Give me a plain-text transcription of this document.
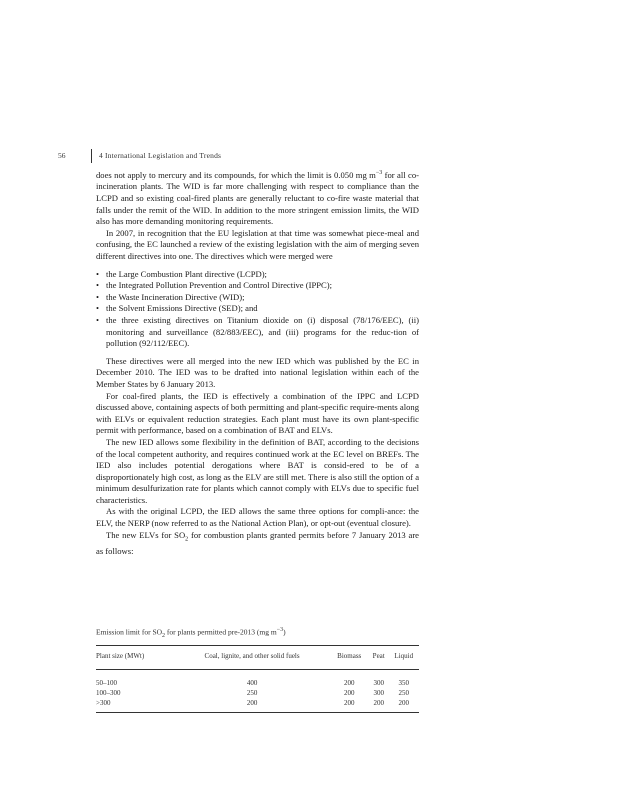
56	4 International Legislation and Trends

does not apply to mercury and its compounds, for which the limit is 0.050 mg $m^{-3}$ for all co-incineration plants. The WID is far more challenging with respect to compliance than the LCPD and so existing coal-fired plants are generally reluctant to co-fire waste material that falls under the remit of the WID. In addition to the more stringent emission limits, the WID also has more demanding monitoring requirements.

In 2007, in recognition that the EU legislation at that time was somewhat piece-meal and confusing, the EC launched a review of the existing legislation with the aim of merging seven different directives into one. The directives which were merged were

• the Large Combustion Plant directive (LCPD);
• the Integrated Pollution Prevention and Control Directive (IPPC);
• the Waste Incineration Directive (WID);
• the Solvent Emissions Directive (SED); and
• the three existing directives on Titanium dioxide on (i) disposal (78/176/EEC), (ii) monitoring and surveillance (82/883/EEC), and (iii) programs for the reduc-tion of pollution (92/112/EEC).

These directives were all merged into the new IED which was published by the EC in December 2010. The IED was to be drafted into national legislation within each of the Member States by 6 January 2013.

For coal-fired plants, the IED is effectively a combination of the IPPC and LCPD discussed above, containing aspects of both permitting and plant-specific require-ments along with ELVs or equivalent reduction strategies. Each plant must have its own plant-specific permit with performance, based on a combination of BAT and ELVs.

The new IED allows some flexibility in the definition of BAT, according to the decisions of the local competent authority, and requires continued work at the EC level on BREFs. The IED also includes potential derogations where BAT is consid-ered to be of a disproportionately high cost, as long as the ELV are still met. There is also still the option of a minimum desulfurization rate for plants which cannot comply with ELVs due to specific fuel characteristics.

As with the original LCPD, the IED allows the same three options for compli-ance: the ELV, the NERP (now referred to as the National Action Plan), or opt-out (eventual closure).

The new ELVs for $SO_2$ for combustion plants granted permits before 7 January 2013 are as follows:

Emission limit for $SO_2$ for plants permitted pre-2013 (mg $m^{-3}$)
Plant size (MWt)	Coal, lignite, and other solid fuels	Biomass	Peat	Liquid
50–100	400	200	300	350
100–300	250	200	300	250
>300	200	200	200	200
